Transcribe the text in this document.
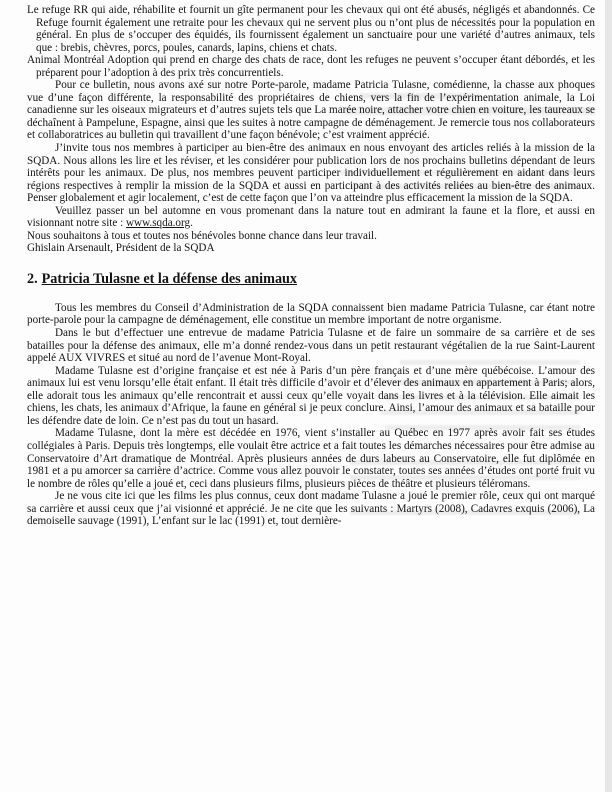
Le refuge RR qui aide, réhabilite et fournit un gîte permanent pour les chevaux qui ont été abusés, négligés et abandonnés. Ce Refuge fournit également une retraite pour les chevaux qui ne servent plus ou n’ont plus de nécessités pour la population en général. En plus de s’occuper des équidés, ils fournissent également un sanctuaire pour une variété d’autres animaux, tels que : brebis, chèvres, porcs, poules, canards, lapins, chiens et chats.

Animal Montréal Adoption qui prend en charge des chats de race, dont les refuges ne peuvent s’occuper étant débordés, et les préparent pour l’adoption à des prix très concurrentiels.

Pour ce bulletin, nous avons axé sur notre Porte-parole, madame Patricia Tulasne, comédienne, la chasse aux phoques vue d’une façon différente, la responsabilité des propriétaires de chiens, vers la fin de l’expérimentation animale, la Loi canadienne sur les oiseaux migrateurs et d’autres sujets tels que La marée noire, attacher votre chien en voiture, les taureaux se déchaînent à Pampelune, Espagne, ainsi que les suites à notre campagne de déménagement. Je remercie tous nos collaborateurs et collaboratrices au bulletin qui travaillent d’une façon bénévole; c’est vraiment apprécié.

J’invite tous nos membres à participer au bien-être des animaux en nous envoyant des articles reliés à la mission de la SQDA. Nous allons les lire et les réviser, et les considérer pour publication lors de nos prochains bulletins dépendant de leurs intérêts pour les animaux. De plus, nos membres peuvent participer individuellement et régulièrement en aidant dans leurs régions respectives à remplir la mission de la SQDA et aussi en participant à des activités reliées au bien-être des animaux. Penser globalement et agir localement, c’est de cette façon que l’on va atteindre plus efficacement la mission de la SQDA.

Veuillez passer un bel automne en vous promenant dans la nature tout en admirant la faune et la flore, et aussi en visionnant notre site : www.sqda.org.

Nous souhaitons à tous et toutes nos bénévoles bonne chance dans leur travail.

Ghislain Arsenault, Président de la SQDA

2. Patricia Tulasne et la défense des animaux

Tous les membres du Conseil d’Administration de la SQDA connaissent bien madame Patricia Tulasne, car étant notre porte-parole pour la campagne de déménagement, elle constitue un membre important de notre organisme.

Dans le but d’effectuer une entrevue de madame Patricia Tulasne et de faire un sommaire de sa carrière et de ses batailles pour la défense des animaux, elle m’a donné rendez-vous dans un petit restaurant végétalien de la rue Saint-Laurent appelé AUX VIVRES et situé au nord de l’avenue Mont-Royal.

Madame Tulasne est d’origine française et est née à Paris d’un père français et d’une mère québécoise. L’amour des animaux lui est venu lorsqu’elle était enfant. Il était très difficile d’avoir et d’élever des animaux en appartement à Paris; alors, elle adorait tous les animaux qu’elle rencontrait et aussi ceux qu’elle voyait dans les livres et à la télévision. Elle aimait les chiens, les chats, les animaux d’Afrique, la faune en général si je peux conclure. Ainsi, l’amour des animaux et sa bataille pour les défendre date de loin. Ce n’est pas du tout un hasard.

Madame Tulasne, dont la mère est décédée en 1976, vient s’installer au Québec en 1977 après avoir fait ses études collégiales à Paris. Depuis très longtemps, elle voulait être actrice et a fait toutes les démarches nécessaires pour être admise au Conservatoire d’Art dramatique de Montréal. Après plusieurs années de durs labeurs au Conservatoire, elle fut diplômée en 1981 et a pu amorcer sa carrière d’actrice. Comme vous allez pouvoir le constater, toutes ses années d’études ont porté fruit vu le nombre de rôles qu’elle a joué et, ceci dans plusieurs films, plusieurs pièces de théâtre et plusieurs téléromans.

Je ne vous cite ici que les films les plus connus, ceux dont madame Tulasne a joué le premier rôle, ceux qui ont marqué sa carrière et aussi ceux que j’ai visionné et apprécié. Je ne cite que les suivants : Martyrs (2008), Cadavres exquis (2006), La demoiselle sauvage (1991), L’enfant sur le lac (1991) et, tout dernière-
